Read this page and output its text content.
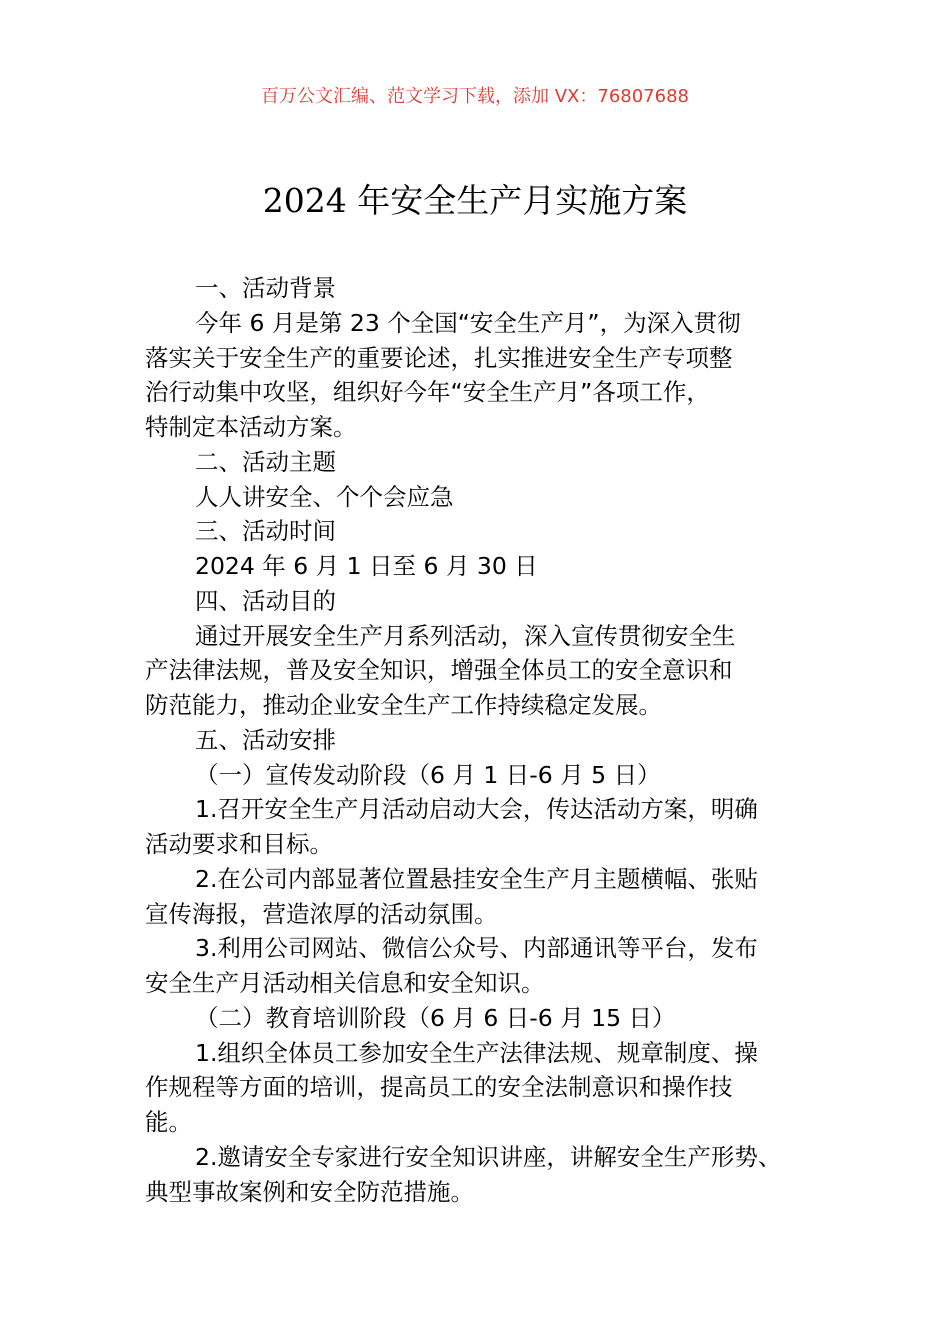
百万公文汇编、范文学习下载，添加 VX：76807688
2024 年安全生产月实施方案
一、活动背景
今年 6 月是第 23 个全国“安全生产月”，为深入贯彻
落实关于安全生产的重要论述，扎实推进安全生产专项整
治行动集中攻坚，组织好今年“安全生产月”各项工作，
特制定本活动方案。
二、活动主题
人人讲安全、个个会应急
三、活动时间
2024 年 6 月 1 日至 6 月 30 日
四、活动目的
通过开展安全生产月系列活动，深入宣传贯彻安全生
产法律法规，普及安全知识，增强全体员工的安全意识和
防范能力，推动企业安全生产工作持续稳定发展。
五、活动安排
（一）宣传发动阶段（6 月 1 日-6 月 5 日）
1.召开安全生产月活动启动大会，传达活动方案，明确
活动要求和目标。
2.在公司内部显著位置悬挂安全生产月主题横幅、张贴
宣传海报，营造浓厚的活动氛围。
3.利用公司网站、微信公众号、内部通讯等平台，发布
安全生产月活动相关信息和安全知识。
（二）教育培训阶段（6 月 6 日-6 月 15 日）
1.组织全体员工参加安全生产法律法规、规章制度、操
作规程等方面的培训，提高员工的安全法制意识和操作技
能。
2.邀请安全专家进行安全知识讲座，讲解安全生产形势、
典型事故案例和安全防范措施。
